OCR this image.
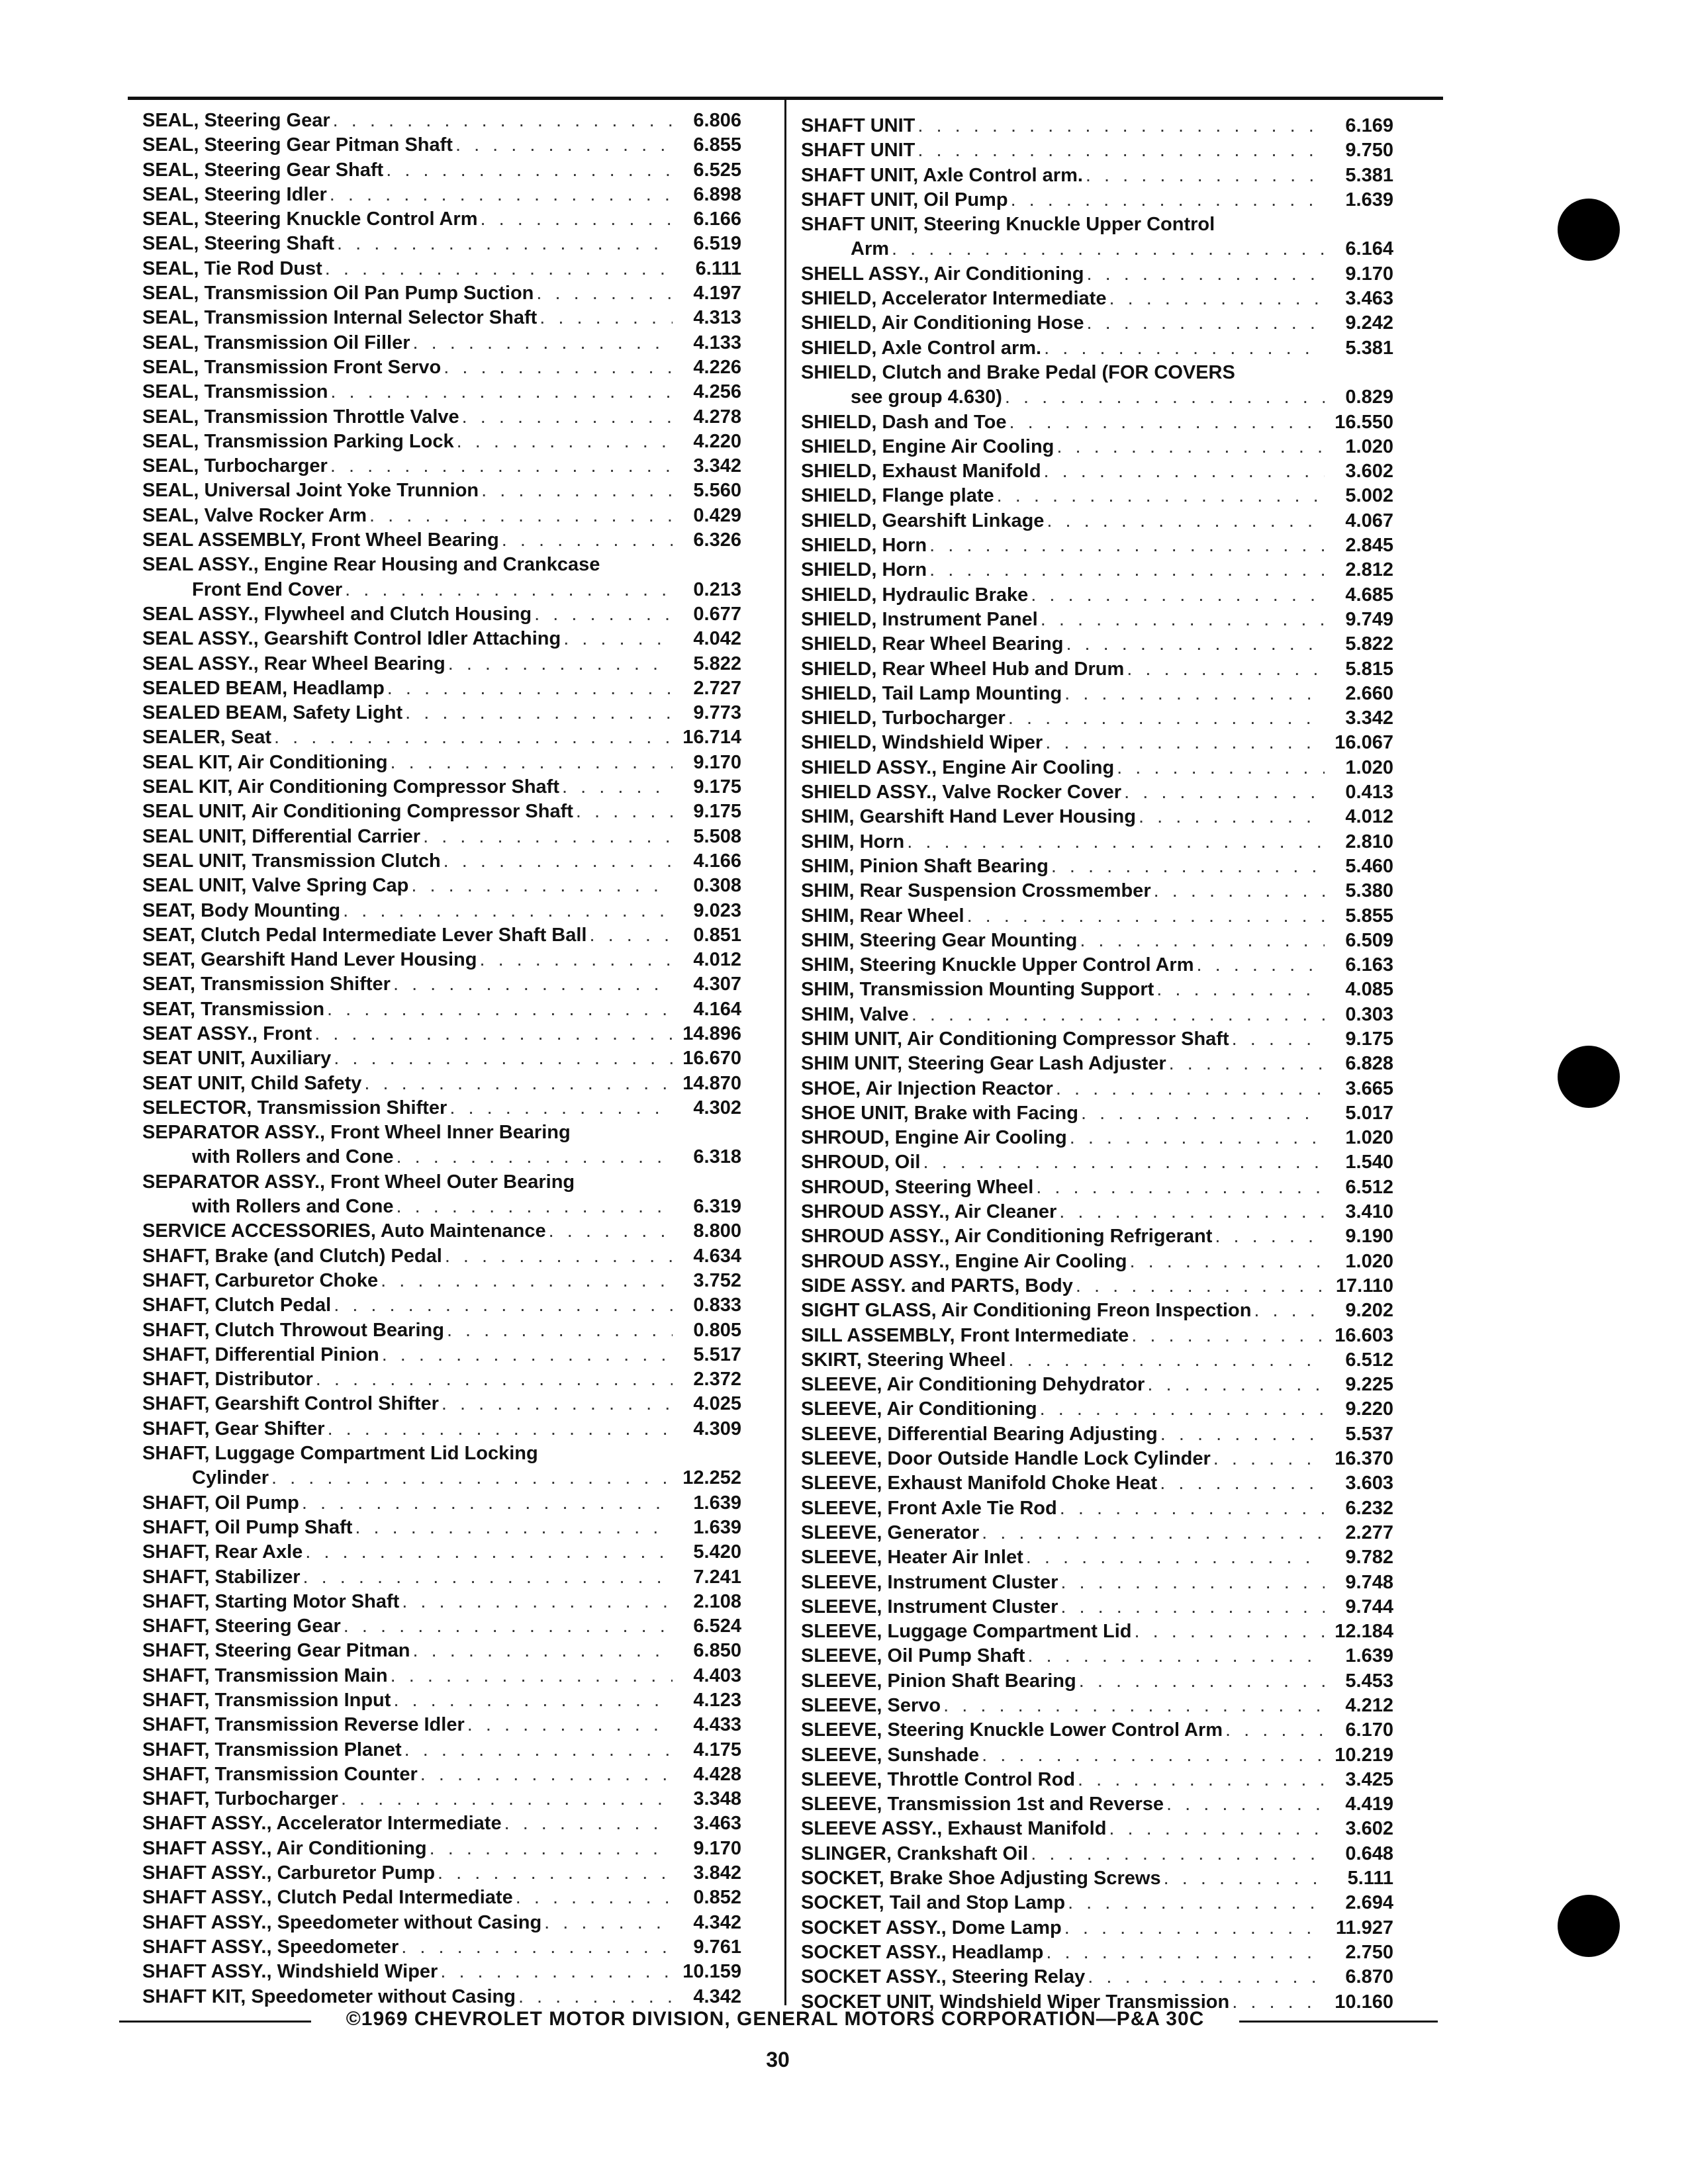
SEAL, Steering Gear . . .	6.806
SEAL, Steering Gear Pitman Shaft . . .	6.855
SEAL, Steering Gear Shaft . . .	6.525
SEAL, Steering Idler . . .	6.898
SEAL, Steering Knuckle Control Arm . . .	6.166
SEAL, Steering Shaft . . .	6.519
SEAL, Tie Rod Dust . . .	6.111
SEAL, Transmission Oil Pan Pump Suction . . .	4.197
SEAL, Transmission Internal Selector Shaft . . .	4.313
SEAL, Transmission Oil Filler . . .	4.133
SEAL, Transmission Front Servo . . .	4.226
SEAL, Transmission . . .	4.256
SEAL, Transmission Throttle Valve . . .	4.278
SEAL, Transmission Parking Lock . . .	4.220
SEAL, Turbocharger . . .	3.342
SEAL, Universal Joint Yoke Trunnion . . .	5.560
SEAL, Valve Rocker Arm . . .	0.429
SEAL ASSEMBLY, Front Wheel Bearing . . .	6.326
SEAL ASSY., Engine Rear Housing and Crankcase
Front End Cover . . .	0.213
SEAL ASSY., Flywheel and Clutch Housing . . .	0.677
SEAL ASSY., Gearshift Control Idler Attaching . . .	4.042
SEAL ASSY., Rear Wheel Bearing . . .	5.822
SEALED BEAM, Headlamp . . .	2.727
SEALED BEAM, Safety Light . . .	9.773
SEALER, Seat . . .	16.714
SEAL KIT, Air Conditioning . . .	9.170
SEAL KIT, Air Conditioning Compressor Shaft . . .	9.175
SEAL UNIT, Air Conditioning Compressor Shaft . . .	9.175
SEAL UNIT, Differential Carrier . . .	5.508
SEAL UNIT, Transmission Clutch . . .	4.166
SEAL UNIT, Valve Spring Cap . . .	0.308
SEAT, Body Mounting . . .	9.023
SEAT, Clutch Pedal Intermediate Lever Shaft Ball . . .	0.851
SEAT, Gearshift Hand Lever Housing . . .	4.012
SEAT, Transmission Shifter . . .	4.307
SEAT, Transmission . . .	4.164
SEAT ASSY., Front . . .	14.896
SEAT UNIT, Auxiliary . . .	16.670
SEAT UNIT, Child Safety . . .	14.870
SELECTOR, Transmission Shifter . . .	4.302
SEPARATOR ASSY., Front Wheel Inner Bearing
with Rollers and Cone . . .	6.318
SEPARATOR ASSY., Front Wheel Outer Bearing
with Rollers and Cone . . .	6.319
SERVICE ACCESSORIES, Auto Maintenance . . .	8.800
SHAFT, Brake (and Clutch) Pedal . . .	4.634
SHAFT, Carburetor Choke . . .	3.752
SHAFT, Clutch Pedal . . .	0.833
SHAFT, Clutch Throwout Bearing . . .	0.805
SHAFT, Differential Pinion . . .	5.517
SHAFT, Distributor . . .	2.372
SHAFT, Gearshift Control Shifter . . .	4.025
SHAFT, Gear Shifter . . .	4.309
SHAFT, Luggage Compartment Lid Locking
Cylinder . . .	12.252
SHAFT, Oil Pump . . .	1.639
SHAFT, Oil Pump Shaft . . .	1.639
SHAFT, Rear Axle . . .	5.420
SHAFT, Stabilizer . . .	7.241
SHAFT, Starting Motor Shaft . . .	2.108
SHAFT, Steering Gear . . .	6.524
SHAFT, Steering Gear Pitman . . .	6.850
SHAFT, Transmission Main . . .	4.403
SHAFT, Transmission Input . . .	4.123
SHAFT, Transmission Reverse Idler . . .	4.433
SHAFT, Transmission Planet . . .	4.175
SHAFT, Transmission Counter . . .	4.428
SHAFT, Turbocharger . . .	3.348
SHAFT ASSY., Accelerator Intermediate . . .	3.463
SHAFT ASSY., Air Conditioning . . .	9.170
SHAFT ASSY., Carburetor Pump . . .	3.842
SHAFT ASSY., Clutch Pedal Intermediate . . .	0.852
SHAFT ASSY., Speedometer without Casing . . .	4.342
SHAFT ASSY., Speedometer . . .	9.761
SHAFT ASSY., Windshield Wiper . . .	10.159
SHAFT KIT, Speedometer without Casing . . .	4.342
SHAFT UNIT . . .	6.169
SHAFT UNIT . . .	9.750
SHAFT UNIT, Axle Control arm. . . .	5.381
SHAFT UNIT, Oil Pump . . .	1.639
SHAFT UNIT, Steering Knuckle Upper Control
Arm . . .	6.164
SHELL ASSY., Air Conditioning . . .	9.170
SHIELD, Accelerator Intermediate . . .	3.463
SHIELD, Air Conditioning Hose . . .	9.242
SHIELD, Axle Control arm. . . .	5.381
SHIELD, Clutch and Brake Pedal (FOR COVERS
see group 4.630) . . .	0.829
SHIELD, Dash and Toe . . .	16.550
SHIELD, Engine Air Cooling . . .	1.020
SHIELD, Exhaust Manifold . . .	3.602
SHIELD, Flange plate . . .	5.002
SHIELD, Gearshift Linkage . . .	4.067
SHIELD, Horn . . .	2.845
SHIELD, Horn . . .	2.812
SHIELD, Hydraulic Brake . . .	4.685
SHIELD, Instrument Panel . . .	9.749
SHIELD, Rear Wheel Bearing . . .	5.822
SHIELD, Rear Wheel Hub and Drum . . .	5.815
SHIELD, Tail Lamp Mounting . . .	2.660
SHIELD, Turbocharger . . .	3.342
SHIELD, Windshield Wiper . . .	16.067
SHIELD ASSY., Engine Air Cooling . . .	1.020
SHIELD ASSY., Valve Rocker Cover . . .	0.413
SHIM, Gearshift Hand Lever Housing . . .	4.012
SHIM, Horn . . .	2.810
SHIM, Pinion Shaft Bearing . . .	5.460
SHIM, Rear Suspension Crossmember . . .	5.380
SHIM, Rear Wheel . . .	5.855
SHIM, Steering Gear Mounting . . .	6.509
SHIM, Steering Knuckle Upper Control Arm . . .	6.163
SHIM, Transmission Mounting Support . . .	4.085
SHIM, Valve . . .	0.303
SHIM UNIT, Air Conditioning Compressor Shaft . . .	9.175
SHIM UNIT, Steering Gear Lash Adjuster . . .	6.828
SHOE, Air Injection Reactor . . .	3.665
SHOE UNIT, Brake with Facing . . .	5.017
SHROUD, Engine Air Cooling . . .	1.020
SHROUD, Oil . . .	1.540
SHROUD, Steering Wheel . . .	6.512
SHROUD ASSY., Air Cleaner . . .	3.410
SHROUD ASSY., Air Conditioning Refrigerant . . .	9.190
SHROUD ASSY., Engine Air Cooling . . .	1.020
SIDE ASSY. and PARTS, Body . . .	17.110
SIGHT GLASS, Air Conditioning Freon Inspection . . .	9.202
SILL ASSEMBLY, Front Intermediate . . .	16.603
SKIRT, Steering Wheel . . .	6.512
SLEEVE, Air Conditioning Dehydrator . . .	9.225
SLEEVE, Air Conditioning . . .	9.220
SLEEVE, Differential Bearing Adjusting . . .	5.537
SLEEVE, Door Outside Handle Lock Cylinder . . .	16.370
SLEEVE, Exhaust Manifold Choke Heat . . .	3.603
SLEEVE, Front Axle Tie Rod . . .	6.232
SLEEVE, Generator . . .	2.277
SLEEVE, Heater Air Inlet . . .	9.782
SLEEVE, Instrument Cluster . . .	9.748
SLEEVE, Instrument Cluster . . .	9.744
SLEEVE, Luggage Compartment Lid . . .	12.184
SLEEVE, Oil Pump Shaft . . .	1.639
SLEEVE, Pinion Shaft Bearing . . .	5.453
SLEEVE, Servo . . .	4.212
SLEEVE, Steering Knuckle Lower Control Arm . . .	6.170
SLEEVE, Sunshade . . .	10.219
SLEEVE, Throttle Control Rod . . .	3.425
SLEEVE, Transmission 1st and Reverse . . .	4.419
SLEEVE ASSY., Exhaust Manifold . . .	3.602
SLINGER, Crankshaft Oil . . .	0.648
SOCKET, Brake Shoe Adjusting Screws . . .	5.111
SOCKET, Tail and Stop Lamp . . .	2.694
SOCKET ASSY., Dome Lamp . . .	11.927
SOCKET ASSY., Headlamp . . .	2.750
SOCKET ASSY., Steering Relay . . .	6.870
SOCKET UNIT, Windshield Wiper Transmission . . .	10.160
©1969 CHEVROLET MOTOR DIVISION, GENERAL MOTORS CORPORATION—P&A 30C
30
